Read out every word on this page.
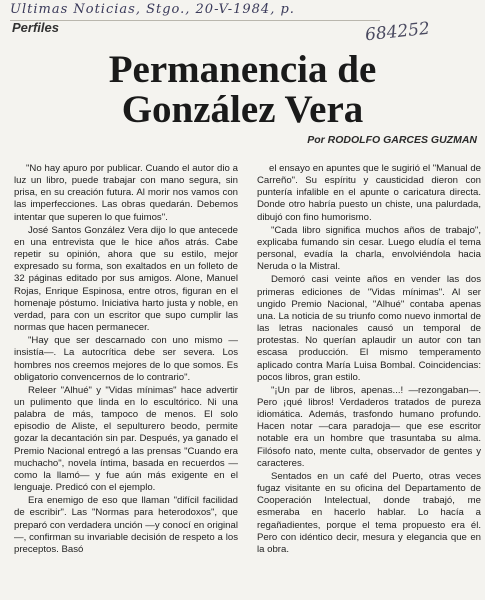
Ultimas Noticias, Stgo., 20-V-1984, p.
684252
Perfiles
Permanencia de
González Vera
Por RODOLFO GARCES GUZMAN

"No hay apuro por publicar. Cuando el autor dio a luz un libro, puede trabajar con mano segura, sin prisa, en su creación futura. Al morir nos vamos con las imperfecciones. Las obras quedarán. Debemos intentar que superen lo que fuimos".

José Santos González Vera dijo lo que antecede en una entrevista que le hice años atrás. Cabe repetir su opinión, ahora que su estilo, mejor expresado su forma, son exaltados en un folleto de 32 páginas editado por sus amigos. Alone, Manuel Rojas, Enrique Espinosa, entre otros, figuran en el homenaje póstumo. Iniciativa harto justa y noble, en verdad, para con un escritor que supo cumplir las normas que hacen permanecer.

"Hay que ser descarnado con uno mismo —insistía—. La autocrítica debe ser severa. Los hombres nos creemos mejores de lo que somos. Es obligatorio convencernos de lo contrario".

Releer "Alhué" y "Vidas mínimas" hace advertir un pulimento que linda en lo escultórico. Ni una palabra de más, tampoco de menos. El solo episodio de Aliste, el sepulturero beodo, permite gozar la decantación sin par. Después, ya ganado el Premio Nacional entregó a las prensas "Cuando era muchacho", novela íntima, basada en recuerdos —como la llamó— y fue aún más exigente en el lenguaje. Predicó con el ejemplo.

Era enemigo de eso que llaman "difícil facilidad de escribir". Las "Normas para heterodoxos", que preparó con verdadera unción —y conocí en original—, confirman su invariable decisión de respeto a los preceptos. Basó

el ensayo en apuntes que le sugirió el "Manual de Carreño". Su espíritu y causticidad dieron con puntería infalible en el apunte o caricatura directa. Donde otro habría puesto un chiste, una palurdada, dibujó con fino humorismo.

"Cada libro significa muchos años de trabajo", explicaba fumando sin cesar. Luego eludía el tema personal, evadía la charla, envolviéndola hacia Neruda o la Mistral.

Demoró casi veinte años en vender las dos primeras ediciones de "Vidas mínimas". Al ser ungido Premio Nacional, "Alhué" contaba apenas una. La noticia de su triunfo como nuevo inmortal de las letras nacionales causó un temporal de protestas. No querían aplaudir un autor con tan escasa producción. El mismo temperamento aplicado contra María Luisa Bombal. Coincidencias: pocos libros, gran estilo.

"¡Un par de libros, apenas...! —rezongaban—. Pero ¡qué libros! Verdaderos tratados de pureza idiomática. Además, trasfondo humano profundo. Hacen notar —cara paradoja— que ese escritor notable era un hombre que trasuntaba su alma. Filósofo nato, mente culta, observador de gentes y caracteres.

Sentados en un café del Puerto, otras veces fugaz visitante en su oficina del Departamento de Cooperación Intelectual, donde trabajó, me esmeraba en hacerlo hablar. Lo hacía a regañadientes, porque el tema propuesto era él. Pero con idéntico decir, mesura y elegancia que en la obra.
